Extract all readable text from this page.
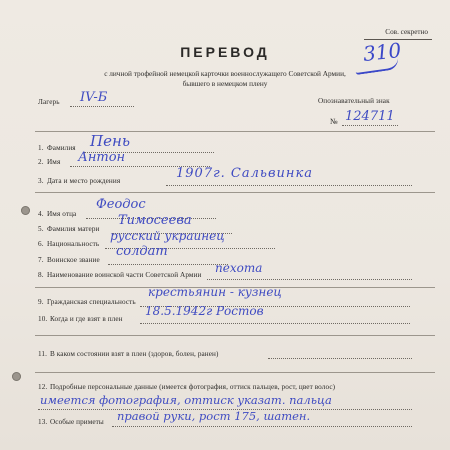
Сов. секретно
310
ПЕРЕВОД
с личной трофейной немецкой карточки военнослужащего Советской Армии,
бывшего в немецком плену
Лагерь IV-Б	Опознавательный знак
№ 124711
1. Фамилия Пень
2. Имя Антон
3. Дата и место рождения	1907г. Сальвинка
4. Имя отца
Феодос
5. Фамилия матери
Тимосеева
6. Национальность
русский украинец
7. Воинское звание
солдат
8. Наименование воинской части Советской Армии пехота
9. Гражданская специальность
крестьянин - кузнец
10. Когда и где взят в плен
18.5.1942г Ростов
11. В каком состоянии взят в плен (здоров, болен, ранен)
12. Подробные персональные данные (имеется фотография, оттиск пальцев, рост, цвет волос)
имеется фотография, оттиск указат. пальца
13. Особые приметы правой руки, рост 175, шатен.
